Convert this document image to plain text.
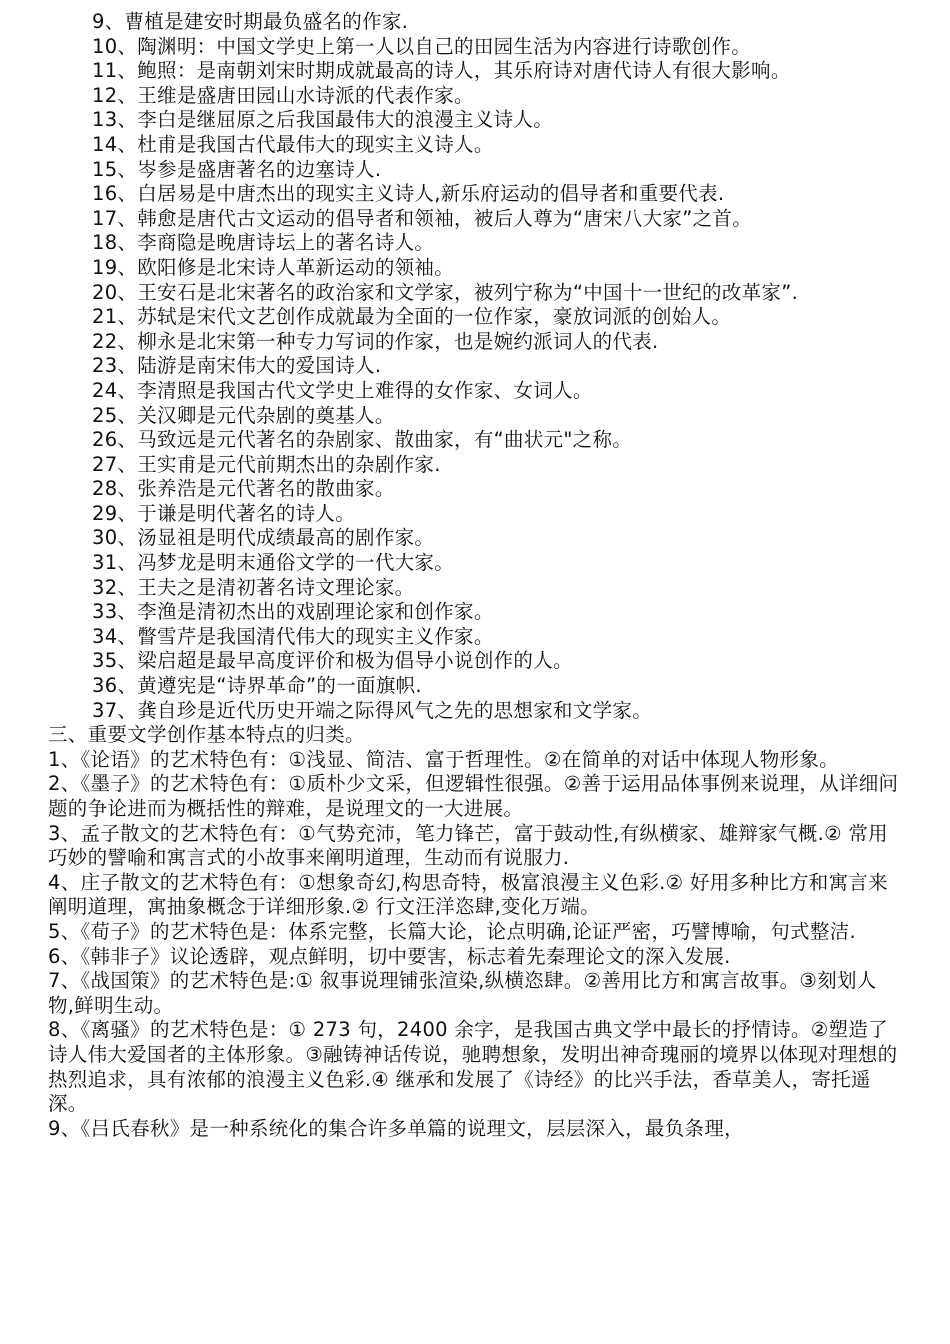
9、曹植是建安时期最负盛名的作家.
10、陶渊明：中国文学史上第一人以自己的田园生活为内容进行诗歌创作。
11、鲍照：是南朝刘宋时期成就最高的诗人，其乐府诗对唐代诗人有很大影响。
12、王维是盛唐田园山水诗派的代表作家。
13、李白是继屈原之后我国最伟大的浪漫主义诗人。
14、杜甫是我国古代最伟大的现实主义诗人。
15、岑参是盛唐著名的边塞诗人.
16、白居易是中唐杰出的现实主义诗人,新乐府运动的倡导者和重要代表.
17、韩愈是唐代古文运动的倡导者和领袖，被后人尊为“唐宋八大家”之首。
18、李商隐是晚唐诗坛上的著名诗人。
19、欧阳修是北宋诗人革新运动的领袖。
20、王安石是北宋著名的政治家和文学家，被列宁称为“中国十一世纪的改革家”.
21、苏轼是宋代文艺创作成就最为全面的一位作家，豪放词派的创始人。
22、柳永是北宋第一种专力写词的作家，也是婉约派词人的代表.
23、陆游是南宋伟大的爱国诗人.
24、李清照是我国古代文学史上难得的女作家、女词人。
25、关汉卿是元代杂剧的奠基人。
26、马致远是元代著名的杂剧家、散曲家，有“曲状元"之称。
27、王实甫是元代前期杰出的杂剧作家.
28、张养浩是元代著名的散曲家。
29、于谦是明代著名的诗人。
30、汤显祖是明代成绩最高的剧作家。
31、冯梦龙是明末通俗文学的一代大家。
32、王夫之是清初著名诗文理论家。
33、李渔是清初杰出的戏剧理论家和创作家。
34、瞥雪芹是我国清代伟大的现实主义作家。
35、梁启超是最早高度评价和极为倡导小说创作的人。
36、黄遵宪是“诗界革命”的一面旗帜.
37、龚自珍是近代历史开端之际得风气之先的思想家和文学家。
三、重要文学创作基本特点的归类。
1、《论语》的艺术特色有：①浅显、简洁、富于哲理性。②在简单的对话中体现人物形象。
2、《墨子》的艺术特色有：①质朴少文采，但逻辑性很强。②善于运用品体事例来说理，从详细问题的争论进而为概括性的辩难，是说理文的一大进展。
3、孟子散文的艺术特色有：①气势充沛，笔力锋芒，富于鼓动性,有纵横家、雄辩家气概.② 常用巧妙的譬喻和寓言式的小故事来阐明道理，生动而有说服力.
4、庄子散文的艺术特色有：①想象奇幻,构思奇特，极富浪漫主义色彩.② 好用多种比方和寓言来阐明道理，寓抽象概念于详细形象.② 行文汪洋恣肆,变化万端。
5、《荀子》的艺术特色是：体系完整，长篇大论，论点明确,论证严密，巧譬博喻，句式整洁.
6、《韩非子》议论透辟，观点鲜明，切中要害，标志着先秦理论文的深入发展.
7、《战国策》的艺术特色是:① 叙事说理铺张渲染,纵横恣肆。②善用比方和寓言故事。③刻划人物,鲜明生动。
8、《离骚》的艺术特色是：① 273 句，2400 余字，是我国古典文学中最长的抒情诗。②塑造了诗人伟大爱国者的主体形象。③融铸神话传说，驰聘想象，发明出神奇瑰丽的境界以体现对理想的热烈追求，具有浓郁的浪漫主义色彩.④ 继承和发展了《诗经》的比兴手法，香草美人，寄托遥深。
9、《吕氏春秋》是一种系统化的集合许多单篇的说理文，层层深入，最负条理，
